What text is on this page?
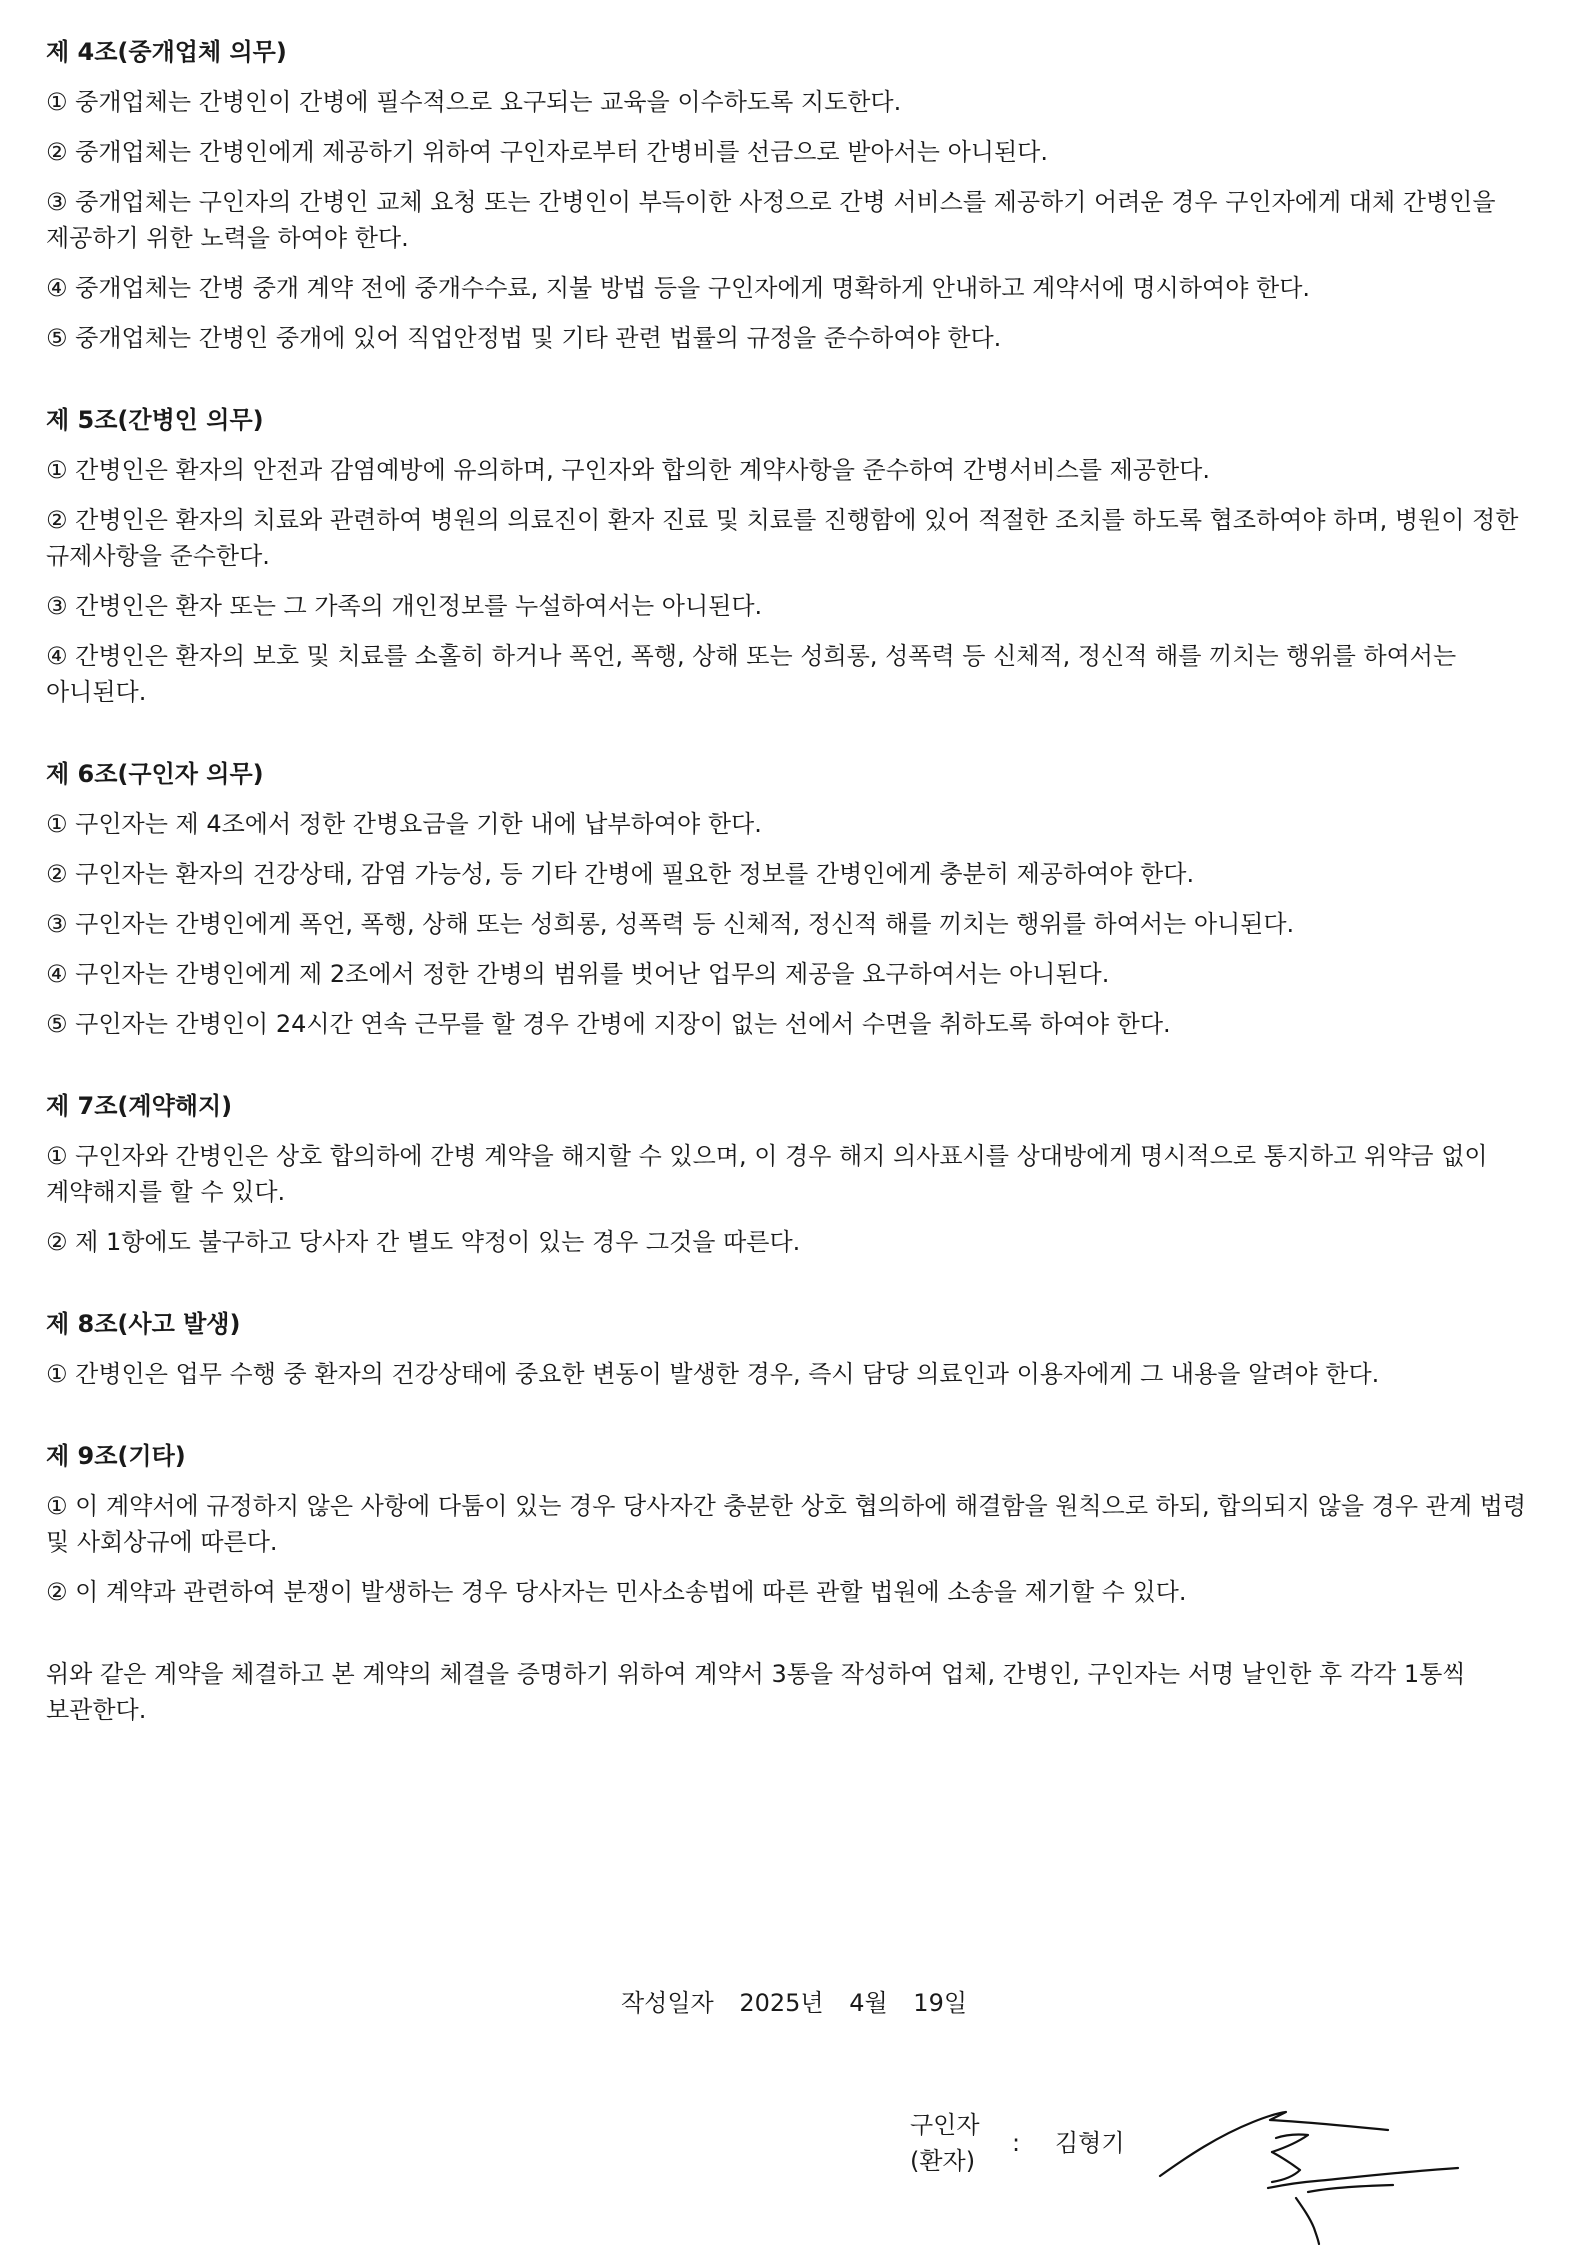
제 4조(중개업체 의무)
① 중개업체는 간병인이 간병에 필수적으로 요구되는 교육을 이수하도록 지도한다.
② 중개업체는 간병인에게 제공하기 위하여 구인자로부터 간병비를 선금으로 받아서는 아니된다.
③ 중개업체는 구인자의 간병인 교체 요청 또는 간병인이 부득이한 사정으로 간병 서비스를 제공하기 어려운 경우 구인자에게 대체 간병인을 제공하기 위한 노력을 하여야 한다.
④ 중개업체는 간병 중개 계약 전에 중개수수료, 지불 방법 등을 구인자에게 명확하게 안내하고 계약서에 명시하여야 한다.
⑤ 중개업체는 간병인 중개에 있어 직업안정법 및 기타 관련 법률의 규정을 준수하여야 한다.
제 5조(간병인 의무)
① 간병인은 환자의 안전과 감염예방에 유의하며, 구인자와 합의한 계약사항을 준수하여 간병서비스를 제공한다.
② 간병인은 환자의 치료와 관련하여 병원의 의료진이 환자 진료 및 치료를 진행함에 있어 적절한 조치를 하도록 협조하여야 하며, 병원이 정한 규제사항을 준수한다.
③ 간병인은 환자 또는 그 가족의 개인정보를 누설하여서는 아니된다.
④ 간병인은 환자의 보호 및 치료를 소홀히 하거나 폭언, 폭행, 상해 또는 성희롱, 성폭력 등 신체적, 정신적 해를 끼치는 행위를 하여서는 아니된다.
제 6조(구인자 의무)
① 구인자는 제 4조에서 정한 간병요금을 기한 내에 납부하여야 한다.
② 구인자는 환자의 건강상태, 감염 가능성, 등 기타 간병에 필요한 정보를 간병인에게 충분히 제공하여야 한다.
③ 구인자는 간병인에게 폭언, 폭행, 상해 또는 성희롱, 성폭력 등 신체적, 정신적 해를 끼치는 행위를 하여서는 아니된다.
④ 구인자는 간병인에게 제 2조에서 정한 간병의 범위를 벗어난 업무의 제공을 요구하여서는 아니된다.
⑤ 구인자는 간병인이 24시간 연속 근무를 할 경우 간병에 지장이 없는 선에서 수면을 취하도록 하여야 한다.
제 7조(계약해지)
① 구인자와 간병인은 상호 합의하에 간병 계약을 해지할 수 있으며, 이 경우 해지 의사표시를 상대방에게 명시적으로 통지하고 위약금 없이 계약해지를 할 수 있다.
② 제 1항에도 불구하고 당사자 간 별도 약정이 있는 경우 그것을 따른다.
제 8조(사고 발생)
① 간병인은 업무 수행 중 환자의 건강상태에 중요한 변동이 발생한 경우, 즉시 담당 의료인과 이용자에게 그 내용을 알려야 한다.
제 9조(기타)
① 이 계약서에 규정하지 않은 사항에 다툼이 있는 경우 당사자간 충분한 상호 협의하에 해결함을 원칙으로 하되, 합의되지 않을 경우 관계 법령 및 사회상규에 따른다.
② 이 계약과 관련하여 분쟁이 발생하는 경우 당사자는 민사소송법에 따른 관할 법원에 소송을 제기할 수 있다.
위와 같은 계약을 체결하고 본 계약의 체결을 증명하기 위하여 계약서 3통을 작성하여 업체, 간병인, 구인자는 서명 날인한 후 각각 1통씩 보관한다.
작성일자 2025년 4월 19일
구인자
(환자)
: 김형기
